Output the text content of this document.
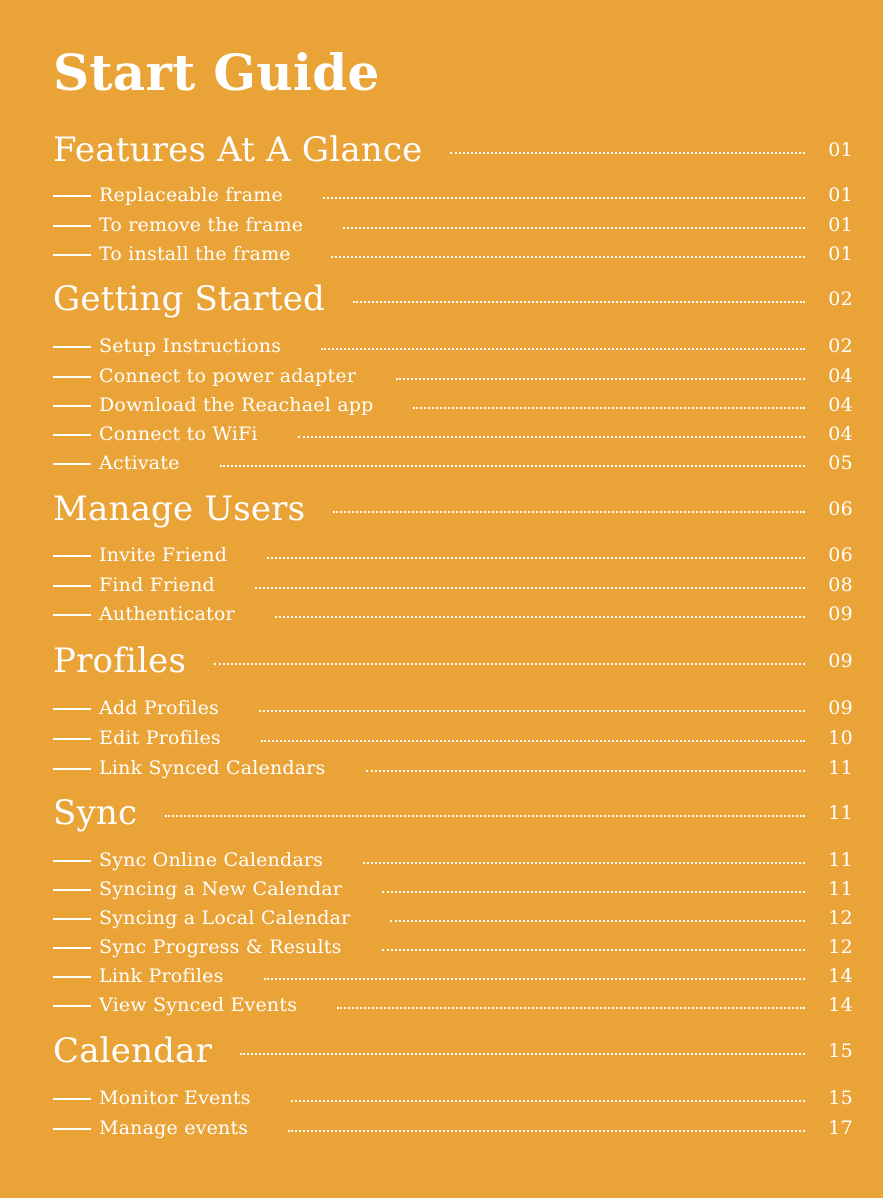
Start Guide
Features At A Glance	01
Replaceable frame	01
To remove the frame	01
To install the frame	01
Getting Started	02
Setup Instructions	02
Connect to power adapter	04
Download the Reachael app	04
Connect to WiFi	04
Activate	05
Manage Users	06
Invite Friend	06
Find Friend	08
Authenticator	09
Profiles	09
Add Profiles	09
Edit Profiles	10
Link Synced Calendars	11
Sync	11
Sync Online Calendars	11
Syncing a New Calendar	11
Syncing a Local Calendar	12
Sync Progress & Results	12
Link Profiles	14
View Synced Events	14
Calendar	15
Monitor Events	15
Manage events	17
